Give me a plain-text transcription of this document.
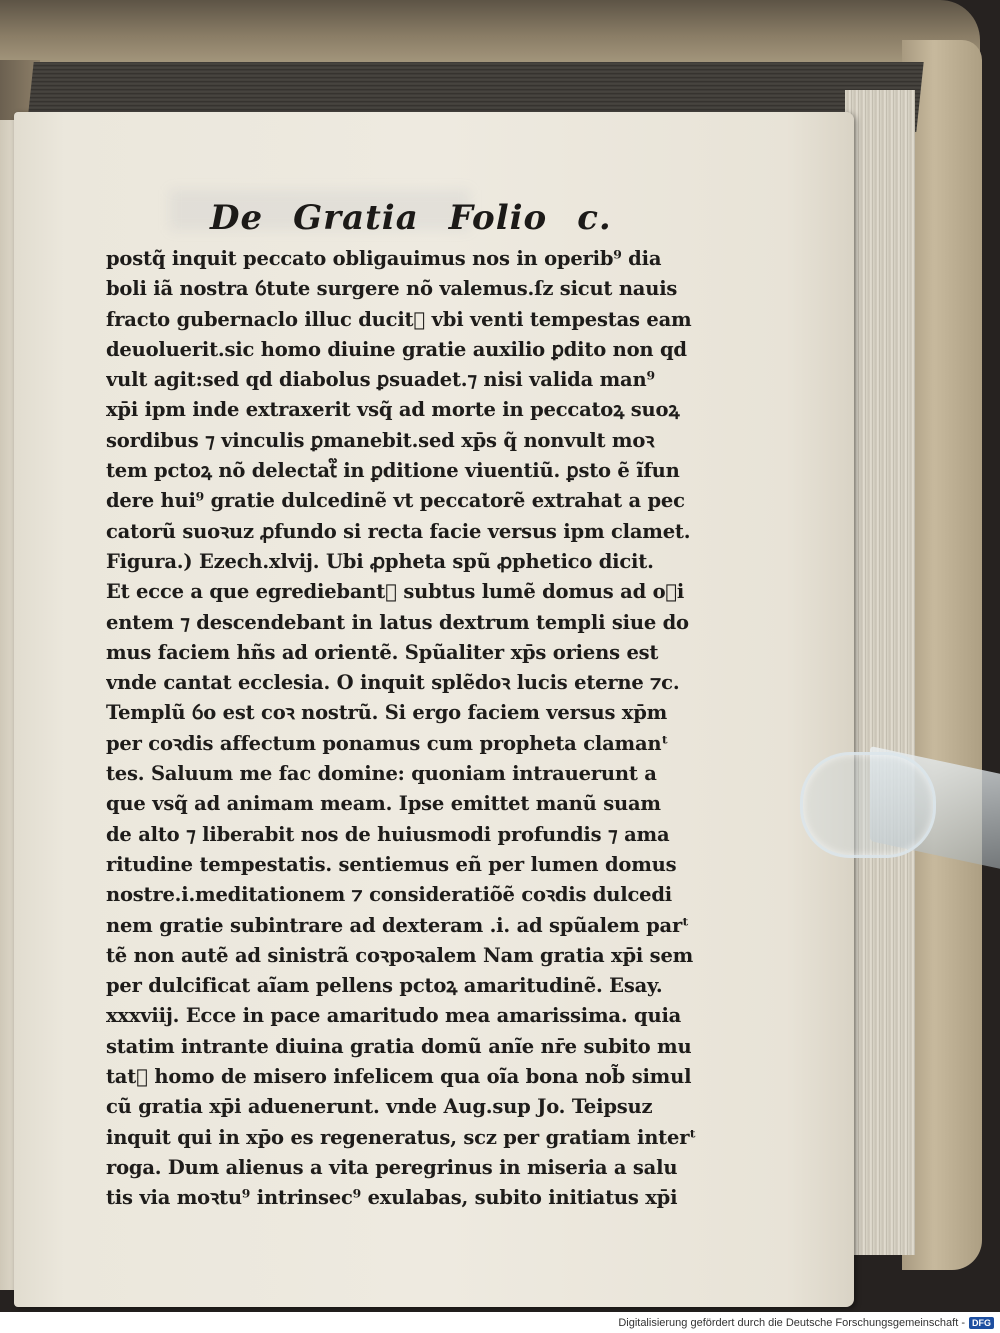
De Gratia Folio c.
postq̃ inquit peccato obligauimus nos in operib⁹ dia
boli iã nostra ỽtute surgere nõ valemus.ſz sicut nauis
fracto gubernaclo illuc ducit᷑ vbi venti tempestas eam
deuoluerit.sic homo diuine gratie auxilio ꝑdito non qd
vult agit:sed qd diabolus ꝑsuadet.⁊ nisi valida man⁹
xp̄i ipm inde extraxerit vsq̃ ad morte in peccatoꝝ suoꝝ
sordibus ⁊ vinculis ꝑmanebit.sed xp̄s q̃ nonvult moꝛ
tem pctoꝝ nõ delectat᷑ in ꝑditione viuentiũ. ꝑsto ẽ ĩfun
dere hui⁹ gratie dulcedinẽ vt peccatorẽ extrahat a pec
catorũ suoꝛuz ꝓfundo si recta facie versus ipm clamet.
Figura.) Ezech.xlvij. Ubi ꝓpheta spũ ꝓphetico dicit.
Et ecce a que egrediebant᷑ subtus lumẽ domus ad oꝛi
entem ⁊ descendebant in latus dextrum templi siue do
mus faciem hñs ad orientẽ. Spũaliter xp̄s oriens est
vnde cantat ecclesia. O inquit splẽdoꝛ lucis eterne ⁊c.
Templũ ỽo est coꝛ nostrũ. Si ergo faciem versus xp̄m
per coꝛdis affectum ponamus cum propheta clamanᵗ
tes. Saluum me fac domine: quoniam intrauerunt a
que vsq̃ ad animam meam. Ipse emittet manũ suam
de alto ⁊ liberabit nos de huiusmodi profundis ⁊ ama
ritudine tempestatis. sentiemus eñ per lumen domus
nostre.i.meditationem ⁊ consideratiõẽ coꝛdis dulcedi
nem gratie subintrare ad dexteram .i. ad spũalem parᵗ
tẽ non autẽ ad sinistrã coꝛpoꝛalem Nam gratia xp̄i sem
per dulcificat aĩam pellens pctoꝝ amaritudinẽ. Esay.
xxxviij. Ecce in pace amaritudo mea amarissima. quia
statim intrante diuina gratia domũ anĩe nr̄e subito mu
tat᷑ homo de misero infelicem qua oĩa bona nob̃ simul
cũ gratia xp̄i aduenerunt. vnde Aug.sup Jo. Teipsuz
inquit qui in xp̄o es regeneratus, scz per gratiam interᵗ
roga. Dum alienus a vita peregrinus in miseria a salu
tis via moꝛtu⁹ intrinsec⁹ exulabas, subito initiatus xp̄i
Digitalisierung gefördert durch die Deutsche Forschungsgemeinschaft - DFG
